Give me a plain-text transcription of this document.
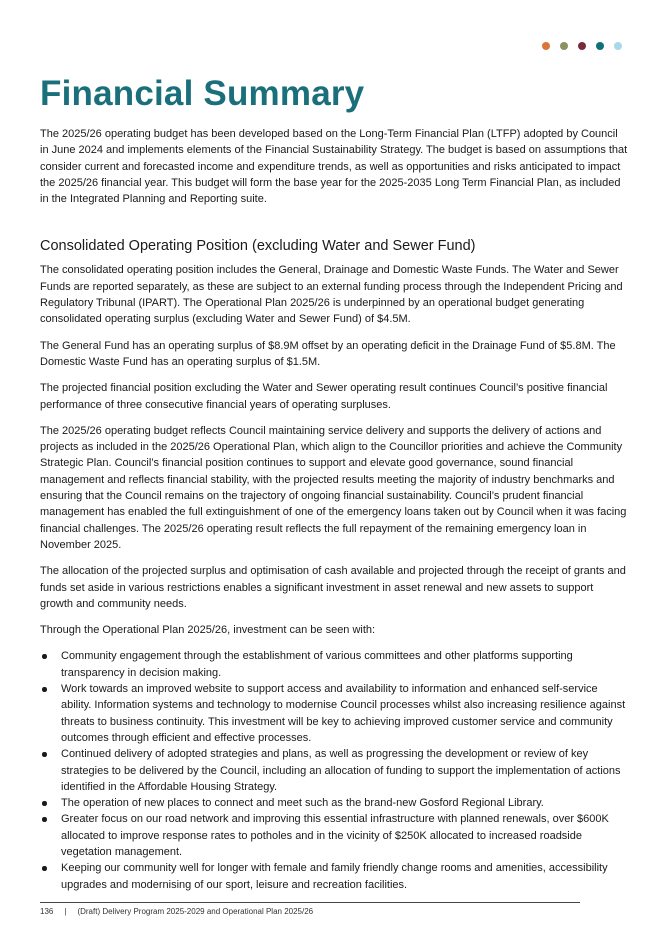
Financial Summary

The 2025/26 operating budget has been developed based on the Long-Term Financial Plan (LTFP) adopted by Council in June 2024 and implements elements of the Financial Sustainability Strategy. The budget is based on assumptions that consider current and forecasted income and expenditure trends, as well as opportunities and risks anticipated to impact the 2025/26 financial year. This budget will form the base year for the 2025-2035 Long Term Financial Plan, as included in the Integrated Planning and Reporting suite.

Consolidated Operating Position (excluding Water and Sewer Fund)

The consolidated operating position includes the General, Drainage and Domestic Waste Funds. The Water and Sewer Funds are reported separately, as these are subject to an external funding process through the Independent Pricing and Regulatory Tribunal (IPART). The Operational Plan 2025/26 is underpinned by an operational budget generating consolidated operating surplus (excluding Water and Sewer Fund) of $4.5M.

The General Fund has an operating surplus of $8.9M offset by an operating deficit in the Drainage Fund of $5.8M. The Domestic Waste Fund has an operating surplus of $1.5M.

The projected financial position excluding the Water and Sewer operating result continues Council’s positive financial performance of three consecutive financial years of operating surpluses.

The 2025/26 operating budget reflects Council maintaining service delivery and supports the delivery of actions and projects as included in the 2025/26 Operational Plan, which align to the Councillor priorities and achieve the Community Strategic Plan. Council’s financial position continues to support and elevate good governance, sound financial management and reflects financial stability, with the projected results meeting the majority of industry benchmarks and ensuring that the Council remains on the trajectory of ongoing financial sustainability. Council’s prudent financial management has enabled the full extinguishment of one of the emergency loans taken out by Council when it was facing financial challenges. The 2025/26 operating result reflects the full repayment of the remaining emergency loan in November 2025.

The allocation of the projected surplus and optimisation of cash available and projected through the receipt of grants and funds set aside in various restrictions enables a significant investment in asset renewal and new assets to support growth and community needs.

Through the Operational Plan 2025/26, investment can be seen with:

Community engagement through the establishment of various committees and other platforms supporting transparency in decision making.
Work towards an improved website to support access and availability to information and enhanced self-service ability. Information systems and technology to modernise Council processes whilst also increasing resilience against threats to business continuity. This investment will be key to achieving improved customer service and community outcomes through efficient and effective processes.
Continued delivery of adopted strategies and plans, as well as progressing the development or review of key strategies to be delivered by the Council, including an allocation of funding to support the implementation of actions identified in the Affordable Housing Strategy.
The operation of new places to connect and meet such as the brand-new Gosford Regional Library.
Greater focus on our road network and improving this essential infrastructure with planned renewals, over $600K allocated to improve response rates to potholes and in the vicinity of $250K allocated to increased roadside vegetation management.
Keeping our community well for longer with female and family friendly change rooms and amenities, accessibility upgrades and modernising of our sport, leisure and recreation facilities.
136 | (Draft) Delivery Program 2025-2029 and Operational Plan 2025/26
